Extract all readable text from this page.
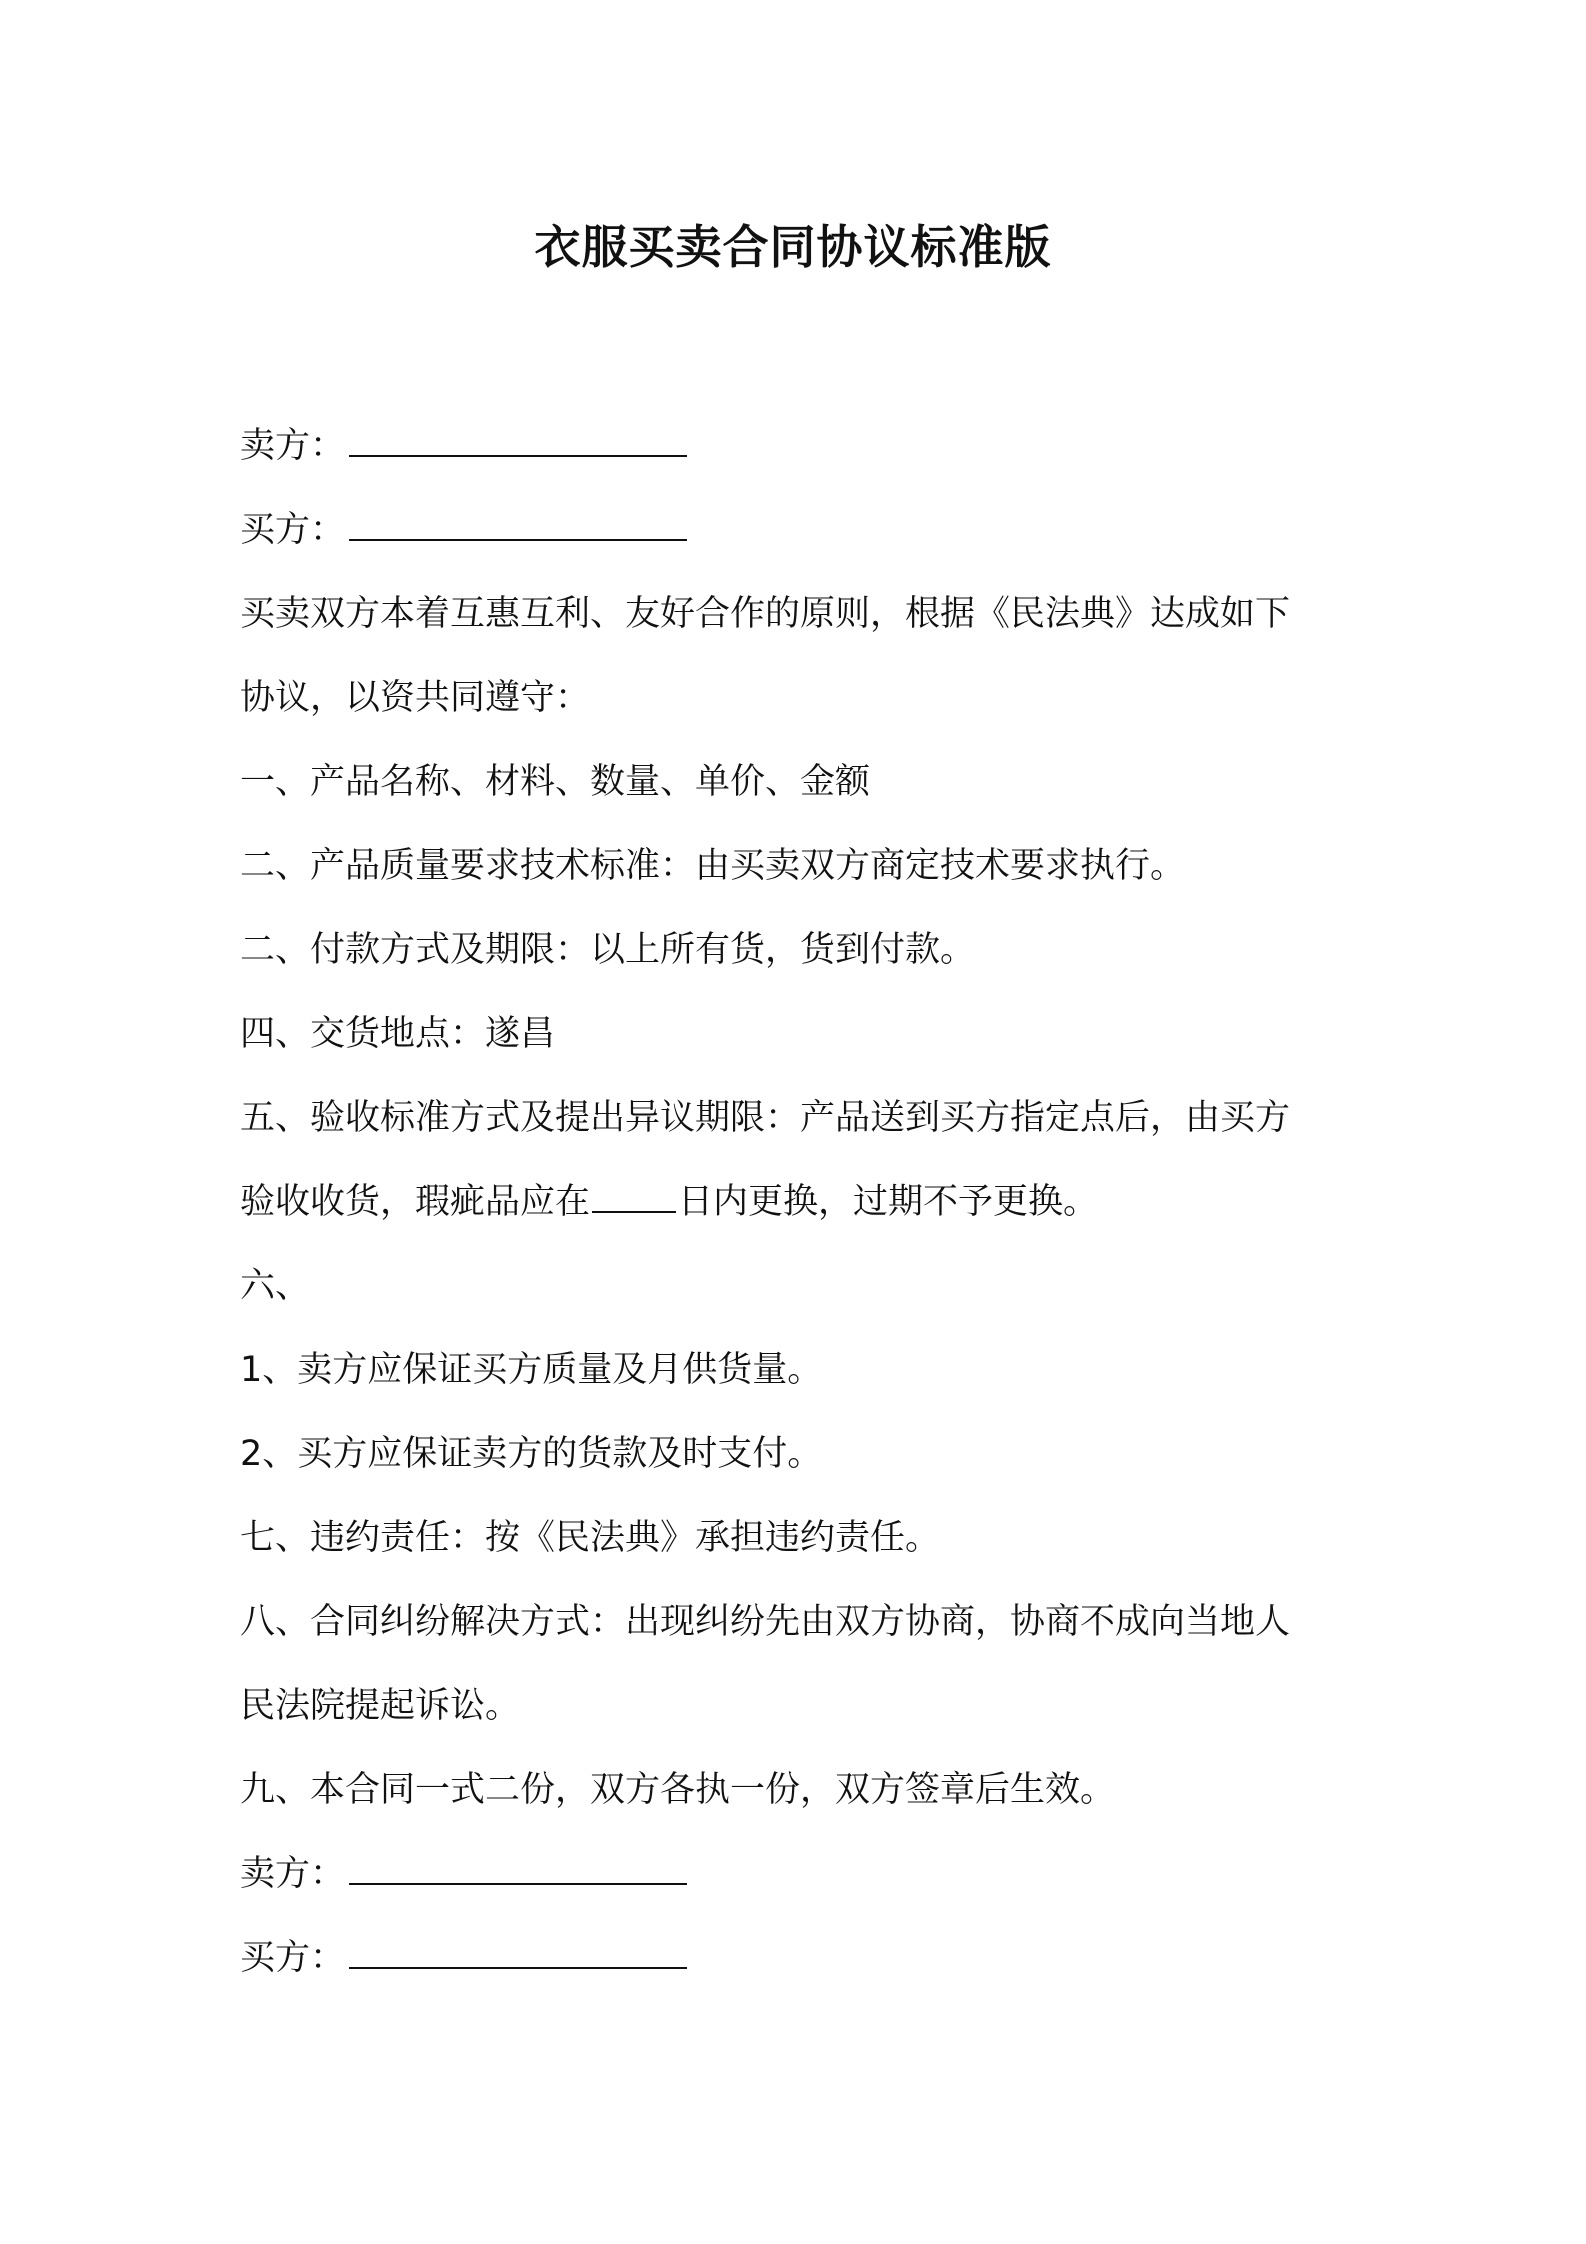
衣服买卖合同协议标准版
卖方：
买方：
买卖双方本着互惠互利、友好合作的原则，根据《民法典》达成如下
协议，以资共同遵守：
一、产品名称、材料、数量、单价、金额
二、产品质量要求技术标准：由买卖双方商定技术要求执行。
二、付款方式及期限：以上所有货，货到付款。
四、交货地点：遂昌
五、验收标准方式及提出异议期限：产品送到买方指定点后，由买方
验收收货，瑕疵品应在	日内更换，过期不予更换。
六、
1、卖方应保证买方质量及月供货量。
2、买方应保证卖方的货款及时支付。
七、违约责任：按《民法典》承担违约责任。
八、合同纠纷解决方式：出现纠纷先由双方协商，协商不成向当地人
民法院提起诉讼。
九、本合同一式二份，双方各执一份，双方签章后生效。
卖方：
买方：
